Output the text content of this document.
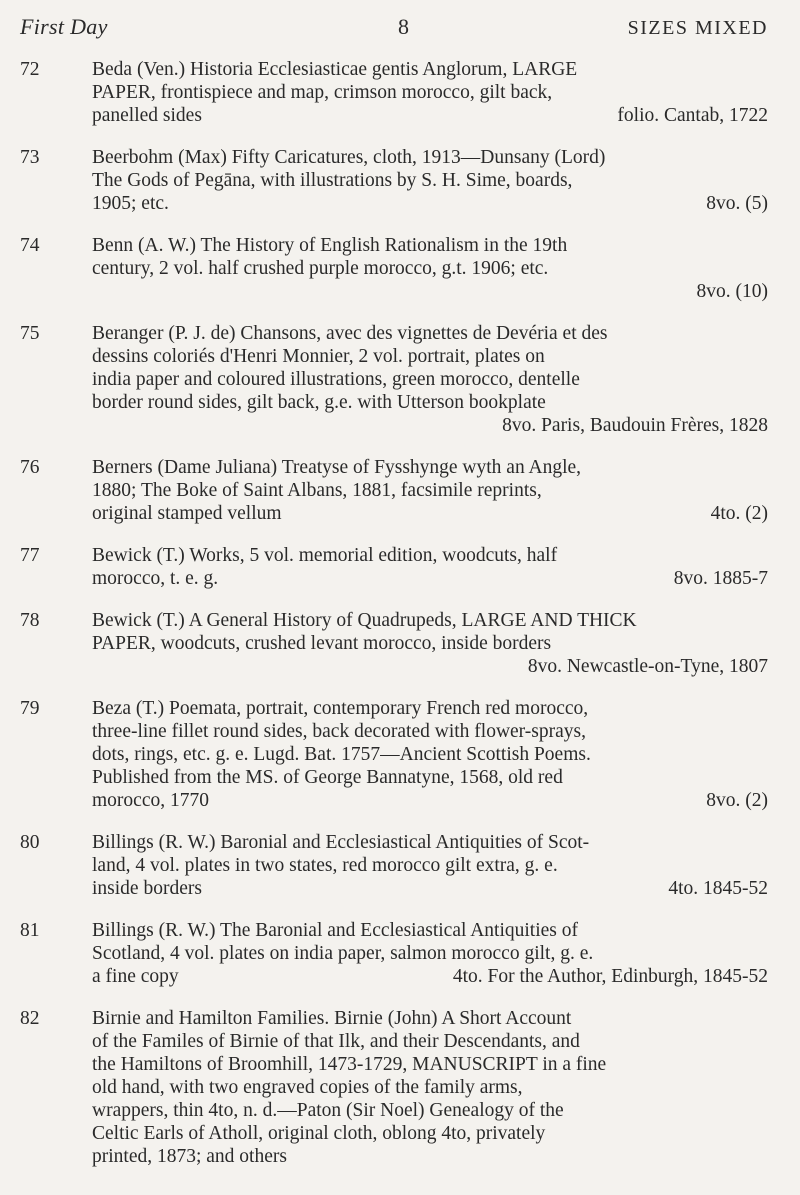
First Day	8	SIZES MIXED
72	Beda (Ven.) Historia Ecclesiasticae gentis Anglorum, LARGE
PAPER, frontispiece and map, crimson morocco, gilt back,
panelled sides	folio. Cantab, 1722
73	Beerbohm (Max) Fifty Caricatures, cloth, 1913—Dunsany (Lord)
The Gods of Pegāna, with illustrations by S. H. Sime, boards,
1905; etc.	8vo. (5)
74	Benn (A. W.) The History of English Rationalism in the 19th
century, 2 vol. half crushed purple morocco, g.t. 1906; etc.
8vo. (10)
75	Beranger (P. J. de) Chansons, avec des vignettes de Devéria et des
dessins coloriés d'Henri Monnier, 2 vol. portrait, plates on
india paper and coloured illustrations, green morocco, dentelle
border round sides, gilt back, g.e. with Utterson bookplate
8vo. Paris, Baudouin Frères, 1828
76	Berners (Dame Juliana) Treatyse of Fysshynge wyth an Angle,
1880; The Boke of Saint Albans, 1881, facsimile reprints,
original stamped vellum	4to. (2)
77	Bewick (T.) Works, 5 vol. memorial edition, woodcuts, half
morocco, t. e. g.	8vo. 1885-7
78	Bewick (T.) A General History of Quadrupeds, LARGE AND THICK
PAPER, woodcuts, crushed levant morocco, inside borders
8vo. Newcastle-on-Tyne, 1807
79	Beza (T.) Poemata, portrait, contemporary French red morocco,
three-line fillet round sides, back decorated with flower-sprays,
dots, rings, etc. g. e. Lugd. Bat. 1757—Ancient Scottish Poems.
Published from the MS. of George Bannatyne, 1568, old red
morocco, 1770	8vo. (2)
80	Billings (R. W.) Baronial and Ecclesiastical Antiquities of Scot-
land, 4 vol. plates in two states, red morocco gilt extra, g. e.
inside borders	4to. 1845-52
81	Billings (R. W.) The Baronial and Ecclesiastical Antiquities of
Scotland, 4 vol. plates on india paper, salmon morocco gilt, g. e.
a fine copy	4to. For the Author, Edinburgh, 1845-52
82	Birnie and Hamilton Families. Birnie (John) A Short Account
of the Familes of Birnie of that Ilk, and their Descendants, and
the Hamiltons of Broomhill, 1473-1729, MANUSCRIPT in a fine
old hand, with two engraved copies of the family arms,
wrappers, thin 4to, n. d.—Paton (Sir Noel) Genealogy of the
Celtic Earls of Atholl, original cloth, oblong 4to, privately
printed, 1873; and others
